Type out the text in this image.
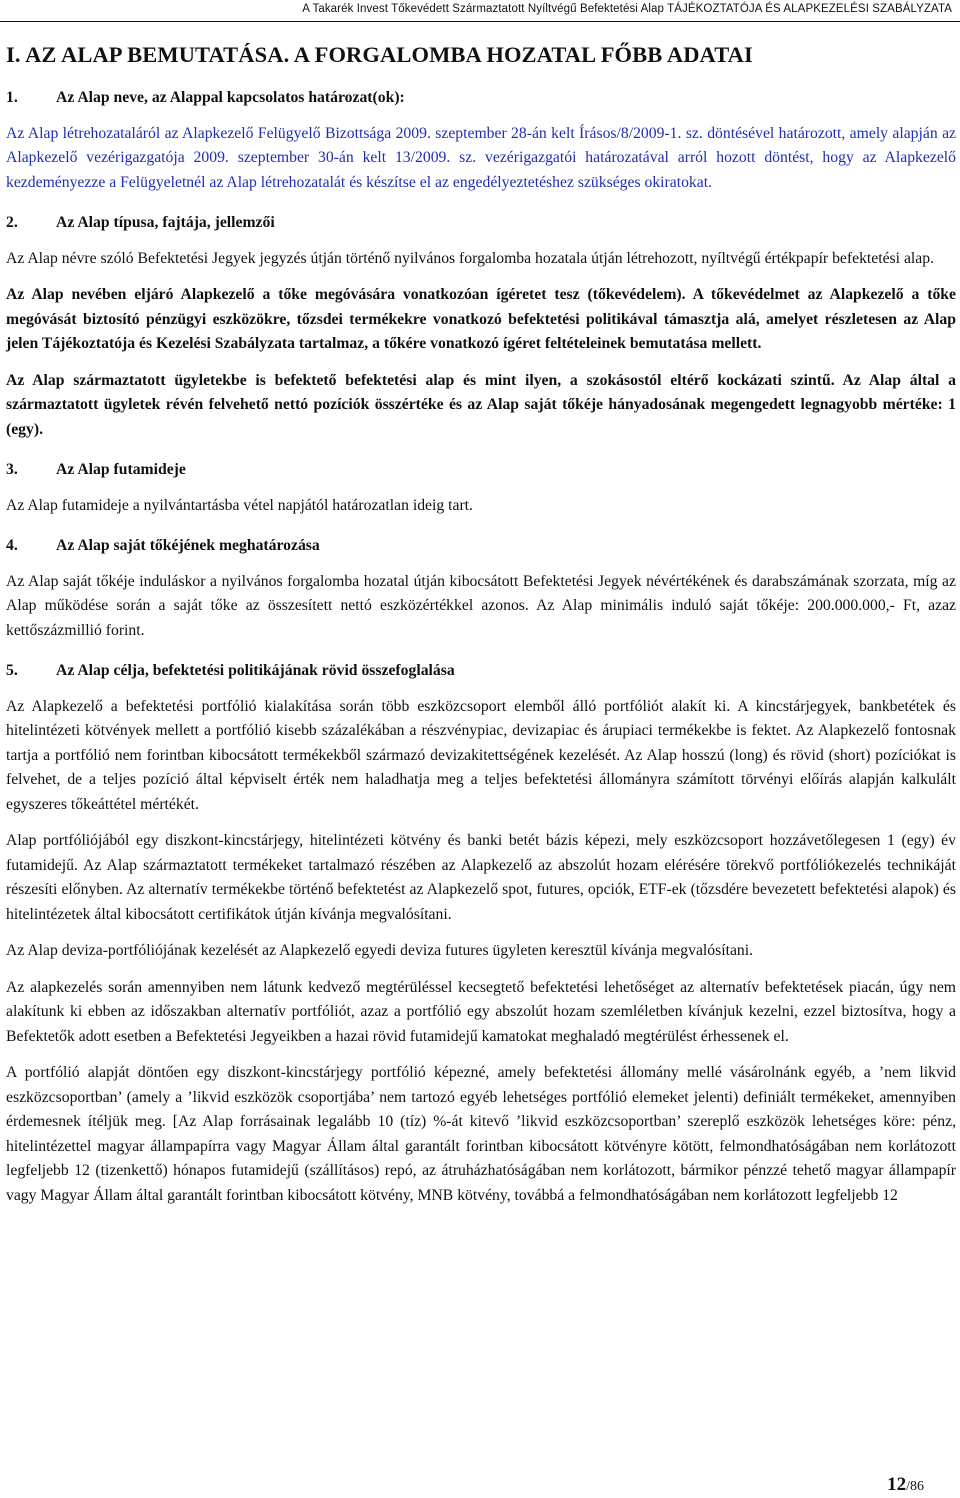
A Takarék Invest Tőkevédett Származtatott Nyíltvégű Befektetési Alap TÁJÉKOZTATÓJA ÉS ALAPKEZELÉSI SZABÁLYZATA
I. AZ ALAP BEMUTATÁSA. A FORGALOMBA HOZATAL FŐBB ADATAI
1. Az Alap neve, az Alappal kapcsolatos határozat(ok):

Az Alap létrehozataláról az Alapkezelő Felügyelő Bizottsága 2009. szeptember 28-án kelt Írásos/8/2009-1. sz. döntésével határozott, amely alapján az Alapkezelő vezérigazgatója 2009. szeptember 30-án kelt 13/2009. sz. vezérigazgatói határozatával arról hozott döntést, hogy az Alapkezelő kezdeményezze a Felügyeletnél az Alap létrehozatalát és készítse el az engedélyeztetéshez szükséges okiratokat.

2. Az Alap típusa, fajtája, jellemzői

Az Alap névre szóló Befektetési Jegyek jegyzés útján történő nyilvános forgalomba hozatala útján létrehozott, nyíltvégű értékpapír befektetési alap.

Az Alap nevében eljáró Alapkezelő a tőke megóvására vonatkozóan ígéretet tesz (tőkevédelem). A tőkevédelmet az Alapkezelő a tőke megóvását biztosító pénzügyi eszközökre, tőzsdei termékekre vonatkozó befektetési politikával támasztja alá, amelyet részletesen az Alap jelen Tájékoztatója és Kezelési Szabályzata tartalmaz, a tőkére vonatkozó ígéret feltételeinek bemutatása mellett.

Az Alap származtatott ügyletekbe is befektető befektetési alap és mint ilyen, a szokásostól eltérő kockázati szintű. Az Alap által a származtatott ügyletek révén felvehető nettó pozíciók összértéke és az Alap saját tőkéje hányadosának megengedett legnagyobb mértéke: 1 (egy).

3. Az Alap futamideje

Az Alap futamideje a nyilvántartásba vétel napjától határozatlan ideig tart.

4. Az Alap saját tőkéjének meghatározása

Az Alap saját tőkéje induláskor a nyilvános forgalomba hozatal útján kibocsátott Befektetési Jegyek névértékének és darabszámának szorzata, míg az Alap működése során a saját tőke az összesített nettó eszközértékkel azonos. Az Alap minimális induló saját tőkéje: 200.000.000,- Ft, azaz kettőszázmillió forint.

5. Az Alap célja, befektetési politikájának rövid összefoglalása

Az Alapkezelő a befektetési portfólió kialakítása során több eszközcsoport elemből álló portfóliót alakít ki. A kincstárjegyek, bankbetétek és hitelintézeti kötvények mellett a portfólió kisebb százalékában a részvénypiac, devizapiac és árupiaci termékekbe is fektet. Az Alapkezelő fontosnak tartja a portfólió nem forintban kibocsátott termékekből származó devizakitettségének kezelését. Az Alap hosszú (long) és rövid (short) pozíciókat is felvehet, de a teljes pozíció által képviselt érték nem haladhatja meg a teljes befektetési állományra számított törvényi előírás alapján kalkulált egyszeres tőkeáttétel mértékét.

Alap portfóliójából egy diszkont-kincstárjegy, hitelintézeti kötvény és banki betét bázis képezi, mely eszközcsoport hozzávetőlegesen 1 (egy) év futamidejű. Az Alap származtatott termékeket tartalmazó részében az Alapkezelő az abszolút hozam elérésére törekvő portfóliókezelés technikáját részesíti előnyben. Az alternatív termékekbe történő befektetést az Alapkezelő spot, futures, opciók, ETF-ek (tőzsdére bevezetett befektetési alapok) és hitelintézetek által kibocsátott certifikátok útján kívánja megvalósítani.

Az Alap deviza-portfóliójának kezelését az Alapkezelő egyedi deviza futures ügyleten keresztül kívánja megvalósítani.

Az alapkezelés során amennyiben nem látunk kedvező megtérüléssel kecsegtető befektetési lehetőséget az alternatív befektetések piacán, úgy nem alakítunk ki ebben az időszakban alternatív portfóliót, azaz a portfólió egy abszolút hozam szemléletben kívánjuk kezelni, ezzel biztosítva, hogy a Befektetők adott esetben a Befektetési Jegyeikben a hazai rövid futamidejű kamatokat meghaladó megtérülést érhessenek el.

A portfólió alapját döntően egy diszkont-kincstárjegy portfólió képezné, amely befektetési állomány mellé vásárolnánk egyéb, a ’nem likvid eszközcsoportban’ (amely a ’likvid eszközök csoportjába’ nem tartozó egyéb lehetséges portfólió elemeket jelenti) definiált termékeket, amennyiben érdemesnek ítéljük meg. [Az Alap forrásainak legalább 10 (tíz) %-át kitevő ’likvid eszközcsoportban’ szereplő eszközök lehetséges köre: pénz, hitelintézettel magyar állampapírra vagy Magyar Állam által garantált forintban kibocsátott kötvényre kötött, felmondhatóságában nem korlátozott legfeljebb 12 (tizenkettő) hónapos futamidejű (szállításos) repó, az átruházhatóságában nem korlátozott, bármikor pénzzé tehető magyar állampapír vagy Magyar Állam által garantált forintban kibocsátott kötvény, MNB kötvény, továbbá a felmondhatóságában nem korlátozott legfeljebb 12

12/86
